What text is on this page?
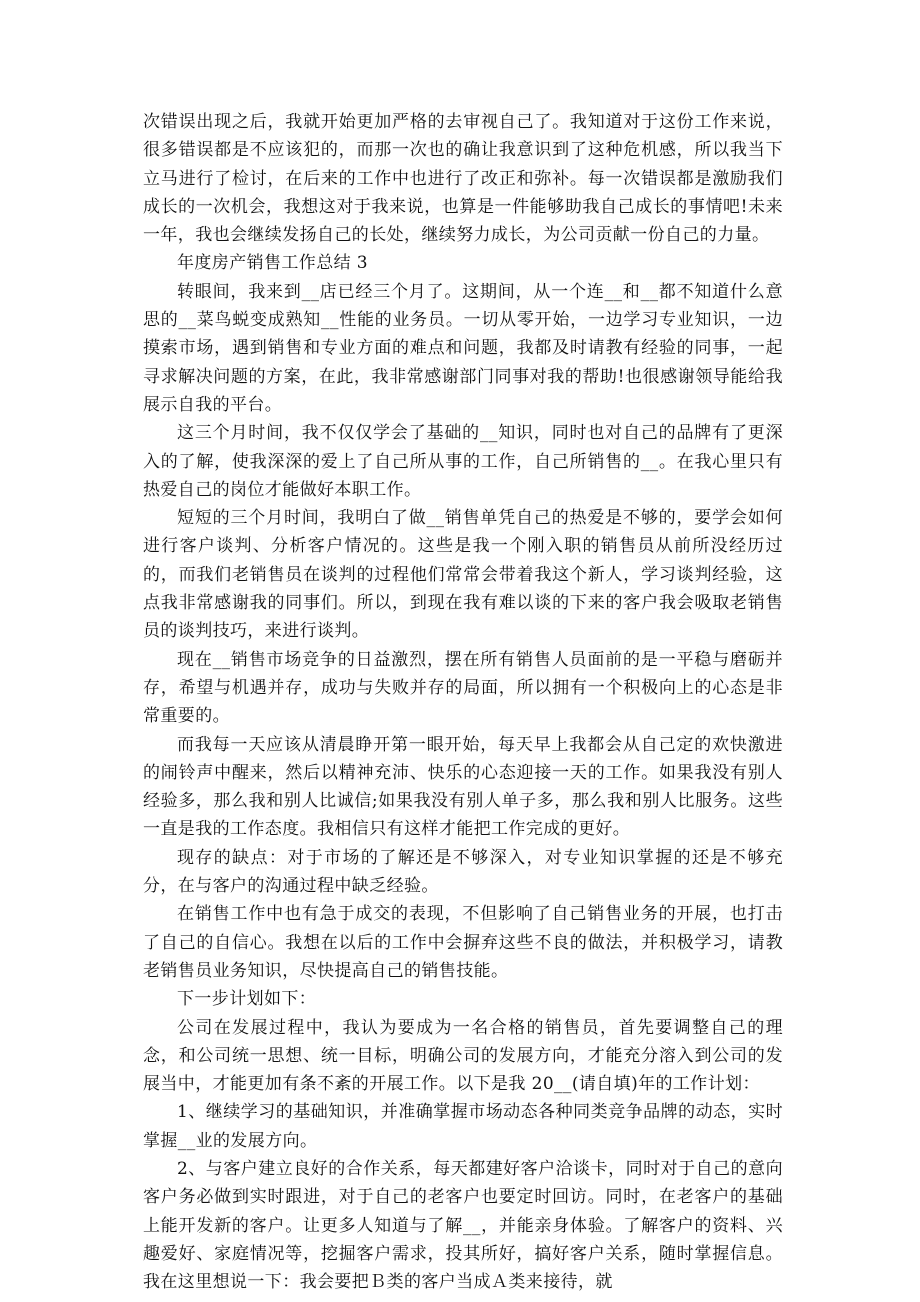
次错误出现之后，我就开始更加严格的去审视自己了。我知道对于这份工作来说，很多错误都是不应该犯的，而那一次也的确让我意识到了这种危机感，所以我当下立马进行了检讨，在后来的工作中也进行了改正和弥补。每一次错误都是激励我们成长的一次机会，我想这对于我来说，也算是一件能够助我自己成长的事情吧!未来一年，我也会继续发扬自己的长处，继续努力成长，为公司贡献一份自己的力量。

年度房产销售工作总结 3

转眼间，我来到__店已经三个月了。这期间，从一个连__和__都不知道什么意思的__菜鸟蜕变成熟知__性能的业务员。一切从零开始，一边学习专业知识，一边摸索市场，遇到销售和专业方面的难点和问题，我都及时请教有经验的同事，一起寻求解决问题的方案，在此，我非常感谢部门同事对我的帮助!也很感谢领导能给我展示自我的平台。

这三个月时间，我不仅仅学会了基础的__知识，同时也对自己的品牌有了更深入的了解，使我深深的爱上了自己所从事的工作，自己所销售的__。在我心里只有热爱自己的岗位才能做好本职工作。

短短的三个月时间，我明白了做__销售单凭自己的热爱是不够的，要学会如何进行客户谈判、分析客户情况的。这些是我一个刚入职的销售员从前所没经历过的，而我们老销售员在谈判的过程他们常常会带着我这个新人，学习谈判经验，这点我非常感谢我的同事们。所以，到现在我有难以谈的下来的客户我会吸取老销售员的谈判技巧，来进行谈判。

现在__销售市场竞争的日益激烈，摆在所有销售人员面前的是一平稳与磨砺并存，希望与机遇并存，成功与失败并存的局面，所以拥有一个积极向上的心态是非常重要的。

而我每一天应该从清晨睁开第一眼开始，每天早上我都会从自己定的欢快激进的闹铃声中醒来，然后以精神充沛、快乐的心态迎接一天的工作。如果我没有别人经验多，那么我和别人比诚信;如果我没有别人单子多，那么我和别人比服务。这些一直是我的工作态度。我相信只有这样才能把工作完成的更好。

现存的缺点：对于市场的了解还是不够深入，对专业知识掌握的还是不够充分，在与客户的沟通过程中缺乏经验。

在销售工作中也有急于成交的表现，不但影响了自己销售业务的开展，也打击了自己的自信心。我想在以后的工作中会摒弃这些不良的做法，并积极学习，请教老销售员业务知识，尽快提高自己的销售技能。

下一步计划如下：

公司在发展过程中，我认为要成为一名合格的销售员，首先要调整自己的理念，和公司统一思想、统一目标，明确公司的发展方向，才能充分溶入到公司的发展当中，才能更加有条不紊的开展工作。以下是我 20__(请自填)年的工作计划：

1、继续学习的基础知识，并准确掌握市场动态各种同类竞争品牌的动态，实时掌握__业的发展方向。

2、与客户建立良好的合作关系，每天都建好客户洽谈卡，同时对于自己的意向客户务必做到实时跟进，对于自己的老客户也要定时回访。同时，在老客户的基础上能开发新的客户。让更多人知道与了解__，并能亲身体验。了解客户的资料、兴趣爱好、家庭情况等，挖掘客户需求，投其所好，搞好客户关系，随时掌握信息。我在这里想说一下：我会要把Ｂ类的客户当成Ａ类来接待，就
